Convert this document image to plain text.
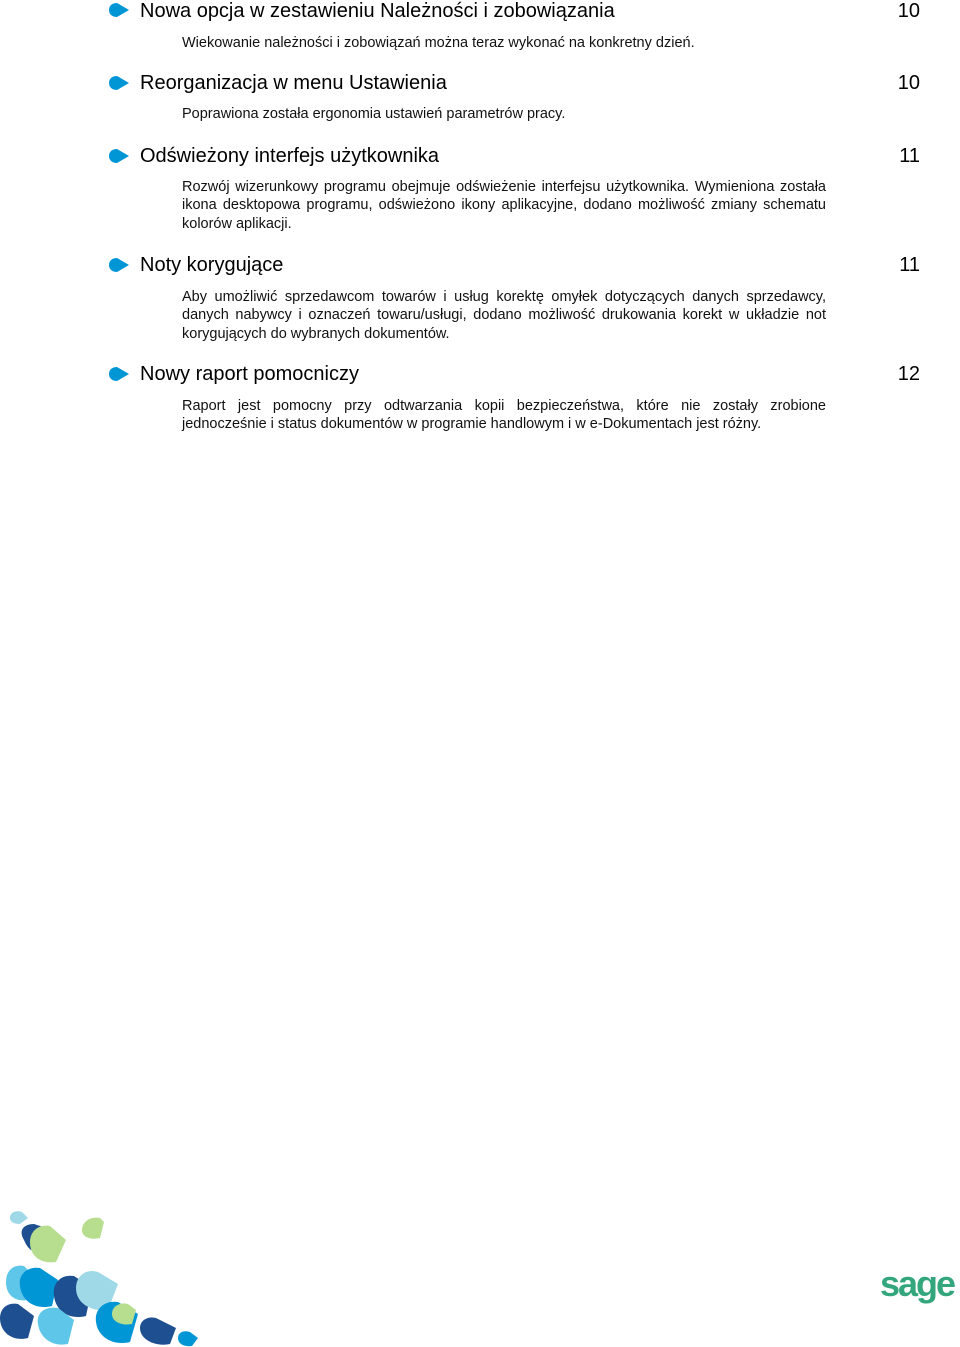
Nowa opcja w zestawieniu Należności i zobowiązania	10
Wiekowanie należności i zobowiązań można teraz wykonać na konkretny dzień.
Reorganizacja w menu Ustawienia	10
Poprawiona została ergonomia ustawień parametrów pracy.
Odświeżony interfejs użytkownika	11
Rozwój wizerunkowy programu obejmuje odświeżenie interfejsu użytkownika. Wymieniona została ikona desktopowa programu, odświeżono ikony aplikacyjne, dodano możliwość zmiany schematu kolorów aplikacji.
Noty korygujące	11
Aby umożliwić sprzedawcom towarów i usług korektę omyłek dotyczących danych sprzedawcy, danych nabywcy i oznaczeń towaru/usługi, dodano możliwość drukowania korekt w układzie not korygujących do wybranych dokumentów.
Nowy raport pomocniczy	12
Raport jest pomocny przy odtwarzania kopii bezpieczeństwa, które nie zostały zrobione jednocześnie i status dokumentów w programie handlowym i w e-Dokumentach jest różny.
sage
